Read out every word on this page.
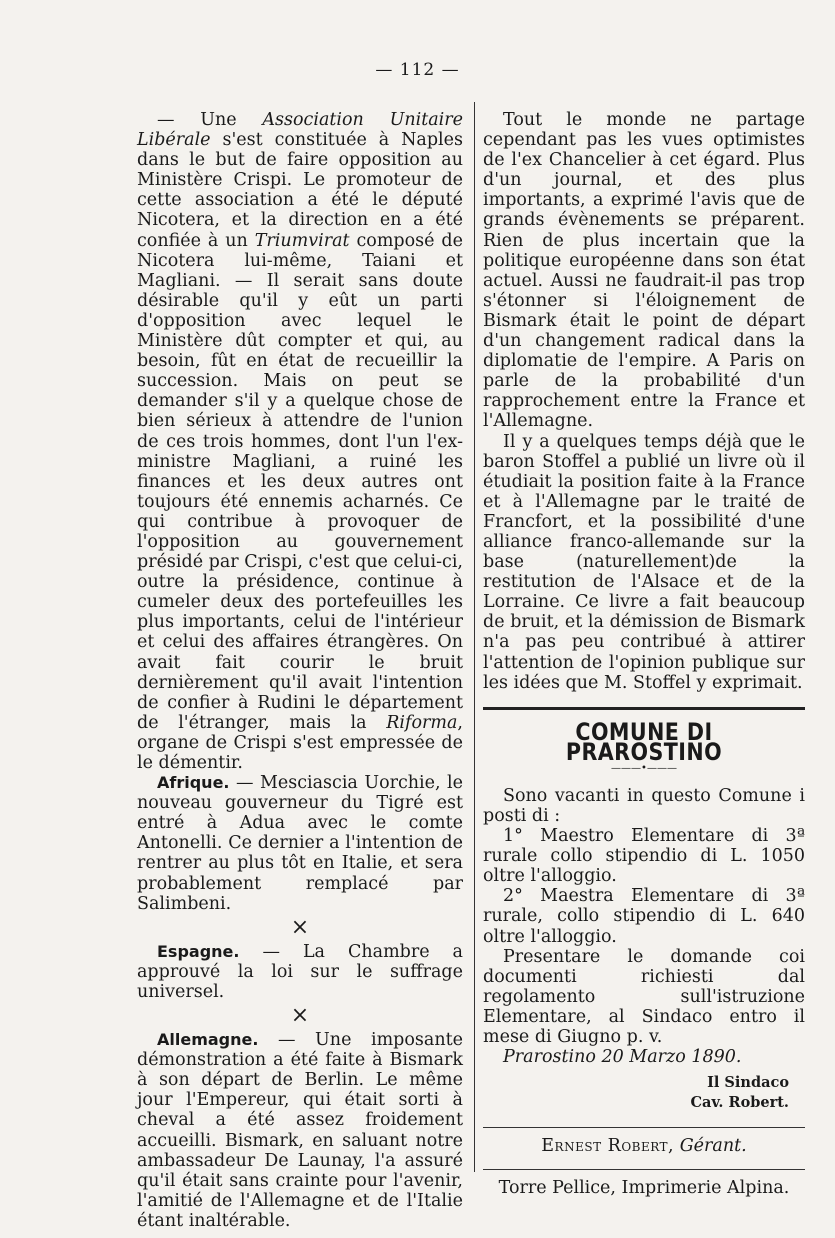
— 112 —

— Une Association Unitaire Libérale s'est constituée à Naples dans le but de faire opposition au Ministère Crispi. Le promoteur de cette association a été le député Nicotera, et la direction en a été confiée à un Triumvirat composé de Nicotera lui-même, Taiani et Magliani. — Il serait sans doute désirable qu'il y eût un parti d'opposition avec lequel le Ministère dût compter et qui, au besoin, fût en état de recueillir la succession. Mais on peut se demander s'il y a quelque chose de bien sérieux à attendre de l'union de ces trois hommes, dont l'un l'ex-ministre Magliani, a ruiné les finances et les deux autres ont toujours été ennemis acharnés. Ce qui contribue à provoquer de l'opposition au gouvernement présidé par Crispi, c'est que celui-ci, outre la présidence, continue à cumeler deux des portefeuilles les plus importants, celui de l'intérieur et celui des affaires étrangères. On avait fait courir le bruit dernièrement qu'il avait l'intention de confier à Rudini le département de l'étranger, mais la Riforma, organe de Crispi s'est empressée de le démentir.

Afrique. — Mesciascia Uorchie, le nouveau gouverneur du Tigré est entré à Adua avec le comte Antonelli. Ce dernier a l'intention de rentrer au plus tôt en Italie, et sera probablement remplacé par Salimbeni.

×

Espagne. — La Chambre a approuvé la loi sur le suffrage universel.

×

Allemagne. — Une imposante démonstration a été faite à Bismark à son départ de Berlin. Le même jour l'Empereur, qui était sorti à cheval a été assez froidement accueilli. Bismark, en saluant notre ambassadeur De Launay, l'a assuré qu'il était sans crainte pour l'avenir, l'amitié de l'Allemagne et de l'Italie étant inaltérable.

Tout le monde ne partage cependant pas les vues optimistes de l'ex Chancelier à cet égard. Plus d'un journal, et des plus importants, a exprimé l'avis que de grands évènements se préparent. Rien de plus incertain que la politique européenne dans son état actuel. Aussi ne faudrait-il pas trop s'étonner si l'éloignement de Bismark était le point de départ d'un changement radical dans la diplomatie de l'empire. A Paris on parle de la probabilité d'un rapprochement entre la France et l'Allemagne.

Il y a quelques temps déjà que le baron Stoffel a publié un livre où il étudiait la position faite à la France et à l'Allemagne par le traité de Francfort, et la possibilité d'une alliance franco-allemande sur la base (naturellement)de la restitution de l'Alsace et de la Lorraine. Ce livre a fait beaucoup de bruit, et la démission de Bismark n'a pas peu contribué à attirer l'attention de l'opinion publique sur les idées que M. Stoffel y exprimait.

COMUNE DI PRAROSTINO
———•———

Sono vacanti in questo Comune i posti di :

1° Maestro Elementare di 3ª rurale collo stipendio di L. 1050 oltre l'alloggio.

2° Maestra Elementare di 3ª rurale, collo stipendio di L. 640 oltre l'alloggio.

Presentare le domande coi documenti richiesti dal regolamento sull'istruzione Elementare, al Sindaco entro il mese di Giugno p. v.

Prarostino 20 Marzo 1890.

Il Sindaco

Cav. Robert.

Ernest Robert, Gérant.

Torre Pellice, Imprimerie Alpina.
